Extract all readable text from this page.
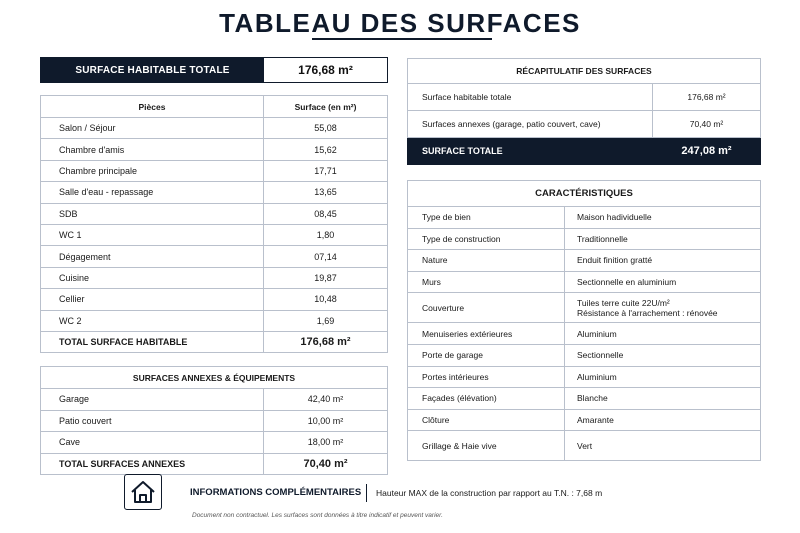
TABLEAU DES SURFACES
SURFACE HABITABLE TOTALE	176,68 m²
Pièces	Surface (en m²)
Salon / Séjour	55,08
Chambre d'amis	15,62
Chambre principale	17,71
Salle d'eau - repassage	13,65
SDB	08,45
WC 1	1,80
Dégagement	07,14
Cuisine	19,87
Cellier	10,48
WC 2	1,69
TOTAL SURFACE HABITABLE	176,68 m²
SURFACES ANNEXES & ÉQUIPEMENTS	
Garage	42,40 m²
Patio couvert	10,00 m²
Cave	18,00 m²
TOTAL SURFACES ANNEXES	70,40 m²
RÉCAPITULATIF DES SURFACES	
Surface habitable totale	176,68 m²
Surfaces annexes (garage, patio couvert, cave)	70,40 m²
SURFACE TOTALE	247,08 m²
CARACTÉRISTIQUES	
Type de bien	Maison hadividuelle
Type de construction	Traditionnelle
Nature	Enduit finition gratté
Murs	Sectionnelle en aluminium
Couverture	Tuiles terre cuite 22U/m²
Résistance à l'arrachement : rénovée

Menuiseries extérieures	Aluminium
Porte de garage	Sectionnelle
Portes intérieures	Aluminium
Façades (élévation)	Blanche
Clôture	Amarante
Grillage & Haie vive	Vert
INFORMATIONS COMPLÉMENTAIRES Hauteur MAX de la construction par rapport au T.N. : 7,68 m
Document non contractuel. Les surfaces sont données à titre indicatif et peuvent varier.
